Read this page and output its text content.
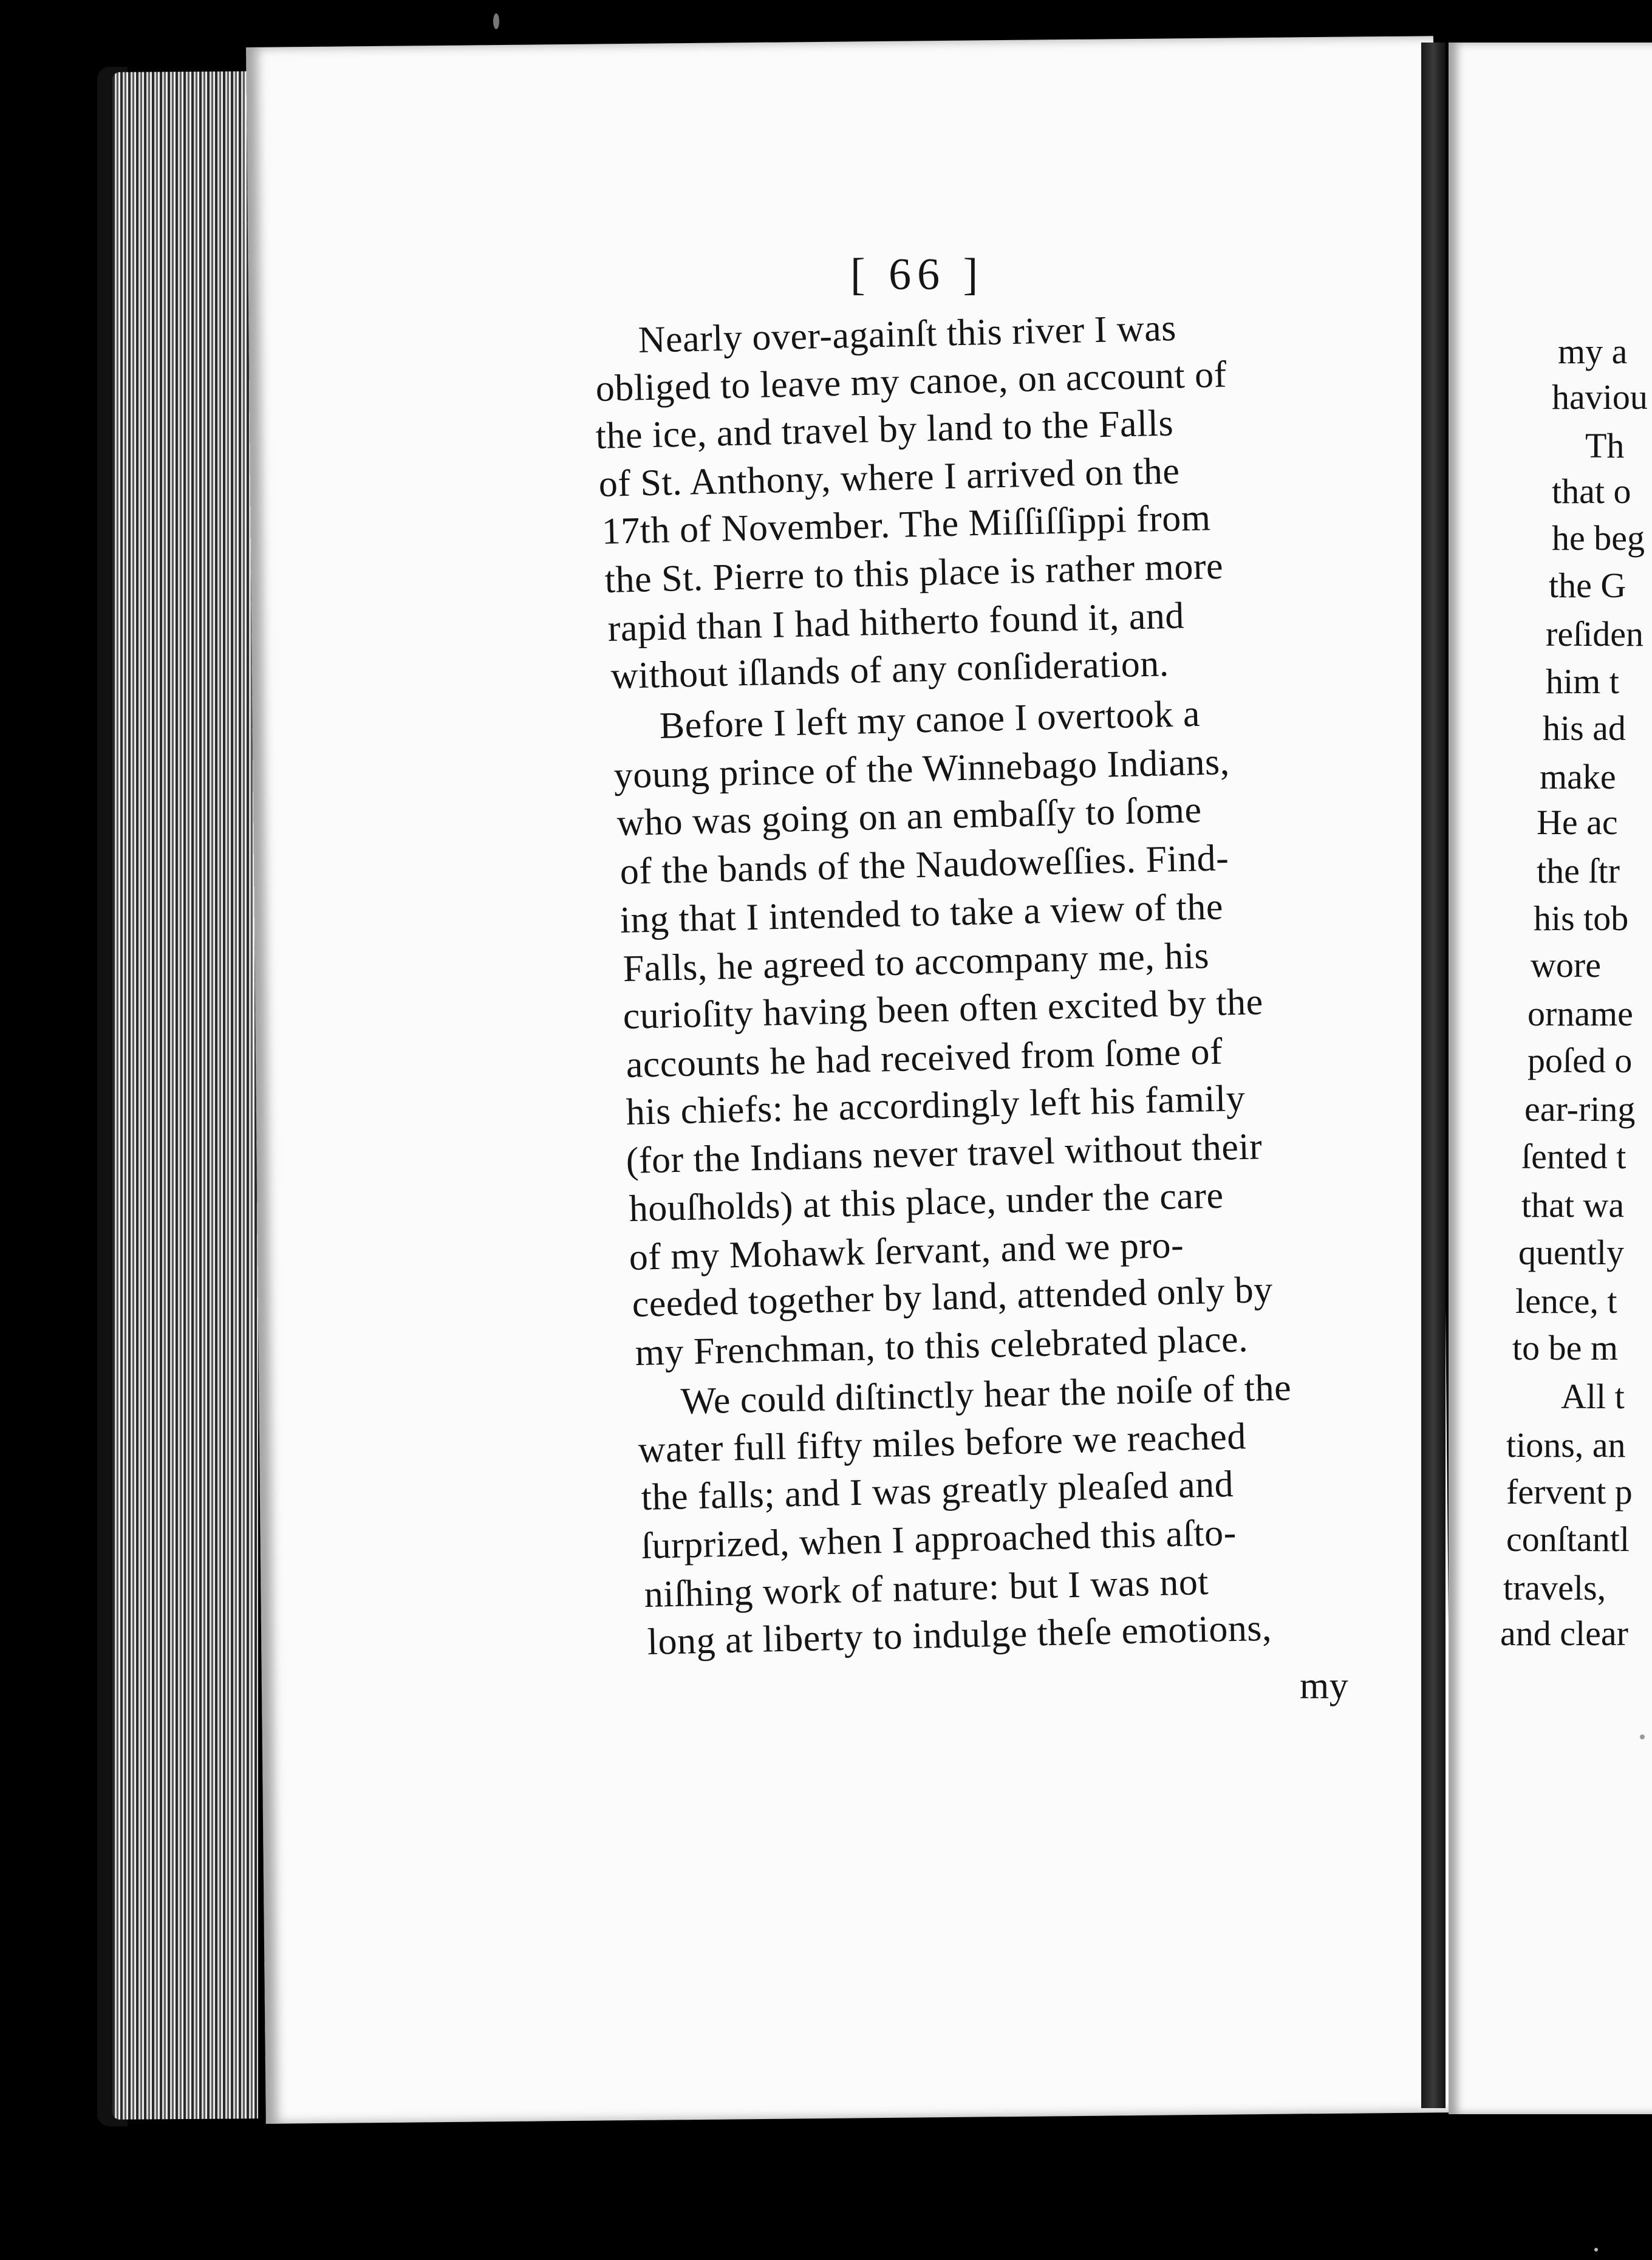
[ 66 ]
Nearly over-againſt this river I was
obliged to leave my canoe, on account of
the ice, and travel by land to the Falls
of St. Anthony, where I arrived on the
17th of November. The Miſſiſſippi from
the St. Pierre to this place is rather more
rapid than I had hitherto found it, and
without iſlands of any conſideration.
Before I left my canoe I overtook a
young prince of the Winnebago Indians,
who was going on an embaſſy to ſome
of the bands of the Naudoweſſies. Find-
ing that I intended to take a view of the
Falls, he agreed to accompany me, his
curioſity having been often excited by the
accounts he had received from ſome of
his chiefs: he accordingly left his family
(for the Indians never travel without their
houſholds) at this place, under the care
of my Mohawk ſervant, and we pro-
ceeded together by land, attended only by
my Frenchman, to this celebrated place.
We could diſtinctly hear the noiſe of the
water full fifty miles before we reached
the falls; and I was greatly pleaſed and
ſurprized, when I approached this aſto-
niſhing work of nature: but I was not
long at liberty to indulge theſe emotions,
my
my a
haviou
Th
that o
he beg
the G
reſiden
him t
his ad
make
He ac
the ſtr
his tob
wore
orname
poſed o
ear-ring
ſented t
that wa
quently
lence, t
to be m
All t
tions, an
fervent p
conſtantl
travels,
and clear
